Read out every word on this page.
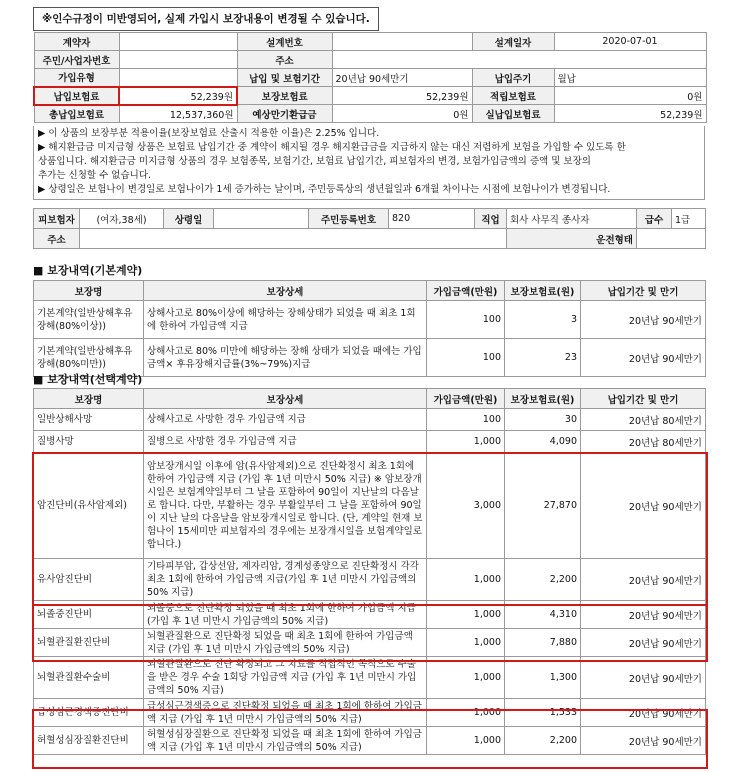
※인수규정이 미반영되어, 실제 가입시 보장내용이 변경될 수 있습니다.
계약자		설계번호		설계일자	2020-07-01
주민/사업자번호		주소			
가입유형		납입 및 보험기간	20년납 90세만기	납입주기	월납
납입보험료	52,239원	보장보험료	52,239원	적립보험료	0원
총납입보험료	12,537,360원	예상만기환급금	0원	실납입보험료	52,239원
▶ 이 상품의 보장부분 적용이율(보장보험료 산출시 적용한 이율)은 2.25% 입니다.
▶ 해지환급금 미지급형 상품은 보험료 납입기간 중 계약이 해지될 경우 해지환급금을 지급하지 않는 대신 저렴하게 보험을 가입할 수 있도록 한
상품입니다. 해지환급금 미지급형 상품의 경우 보험종목, 보험기간, 보험료 납입기간, 피보험자의 변경, 보험가입금액의 증액 및 보장의
추가는 신청할 수 없습니다.
▶ 상령일은 보험나이 변경일로 보험나이가 1세 증가하는 날이며, 주민등록상의 생년월일과 6개월 차이나는 시점에 보험나이가 변경됩니다.
피보험자	(여자,38세)	상령일		주민등록번호	820	직업	회사 사무직 종사자	급수	1급
주소							운전형태		
■ 보장내역(기본계약)
보장명	보장상세	가입금액(만원)	보장보험료(원)	납입기간 및 만기
기본계약(일반상해후유장해(80%이상))	상해사고로 80%이상에 해당하는 장해상태가 되었을 때 최초 1회에 한하여 가입금액 지급	100	3	20년납 90세만기
기본계약(일반상해후유장해(80%미만))	상해사고로 80% 미만에 해당하는 장해 상태가 되었을 때에는 가입금액× 후유장해지급률(3%~79%)지급	100	23	20년납 90세만기
■ 보장내역(선택계약)
보장명	보장상세	가입금액(만원)	보장보험료(원)	납입기간 및 만기
일반상해사망	상해사고로 사망한 경우 가입금액 지급	100	30	20년납 80세만기
질병사망	질병으로 사망한 경우 가입금액 지급	1,000	4,090	20년납 80세만기
암진단비(유사암제외)	암보장개시일 이후에 암(유사암제외)으로 진단확정시 최초 1회에 한하여 가입금액 지급 (가입 후 1년 미만시 50% 지급) ※ 암보장개시일은 보험계약일부터 그 날을 포함하여 90일이 지난날의 다음날로 합니다. 다만, 부활하는 경우 부활일부터 그 날을 포함하여 90일이 지난 날의 다음날을 암보장개시일로 합니다. (단, 계약일 현재 보험나이 15세미만 피보험자의 경우에는 보장개시일을 보험계약일로 합니다.)	3,000	27,870	20년납 90세만기
유사암진단비	기타피부암, 갑상선암, 제자리암, 경계성종양으로 진단확정시 각각 최초 1회에 한하여 가입금액 지급(가입 후 1년 미만시 가입금액의 50% 지급)	1,000	2,200	20년납 90세만기
뇌졸중진단비	뇌졸중으로 진단확정 되었을 때 최초 1회에 한하여 가입금액 지급 (가입 후 1년 미만시 가입금액의 50% 지급)	1,000	4,310	20년납 90세만기
뇌혈관질환진단비	뇌혈관질환으로 진단확정 되었을 때 최초 1회에 한하여 가입금액 지급 (가입 후 1년 미만시 가입금액의 50% 지급)	1,000	7,880	20년납 90세만기
뇌혈관질환수술비	뇌혈관질환으로 진단 확정되고 그 치료를 직접적인 목적으로 수술을 받은 경우 수술 1회당 가입금액 지급 (가입 후 1년 미만시 가입금액의 50% 지급)	1,000	1,300	20년납 90세만기
급성심근경색증진단비	급성심근경색증으로 진단확정 되었을 때 최초 1회에 한하여 가입금액 지급 (가입 후 1년 미만시 가입금액의 50% 지급)	1,000	1,533	20년납 90세만기
허혈성심장질환진단비	허혈성심장질환으로 진단확정 되었을 때 최초 1회에 한하여 가입금액 지급 (가입 후 1년 미만시 가입금액의 50% 지급)	1,000	2,200	20년납 90세만기
